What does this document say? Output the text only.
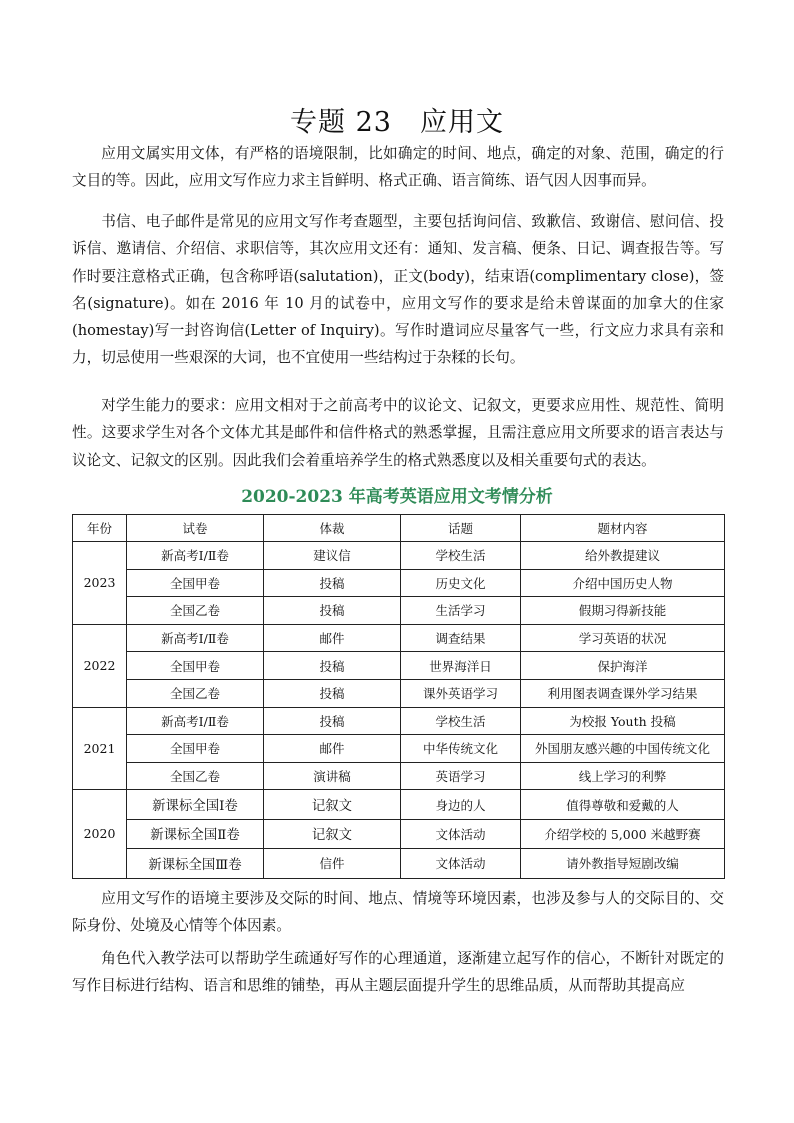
专题 23　应用文

应用文属实用文体，有严格的语境限制，比如确定的时间、地点，确定的对象、范围，确定的行文目的等。因此，应用文写作应力求主旨鲜明、格式正确、语言简练、语气因人因事而异。

书信、电子邮件是常见的应用文写作考查题型，主要包括询问信、致歉信、致谢信、慰问信、投诉信、邀请信、介绍信、求职信等，其次应用文还有：通知、发言稿、便条、日记、调查报告等。写作时要注意格式正确，包含称呼语(salutation)，正文(body)，结束语(complimentary close)，签名(signature)。如在 2016 年 10 月的试卷中，应用文写作的要求是给未曾谋面的加拿大的住家(homestay)写一封咨询信(Letter of Inquiry)。写作时遣词应尽量客气一些，行文应力求具有亲和力，切忌使用一些艰深的大词，也不宜使用一些结构过于杂糅的长句。

对学生能力的要求：应用文相对于之前高考中的议论文、记叙文，更要求应用性、规范性、简明性。这要求学生对各个文体尤其是邮件和信件格式的熟悉掌握，且需注意应用文所要求的语言表达与议论文、记叙文的区别。因此我们会着重培养学生的格式熟悉度以及相关重要句式的表达。

2020-2023 年高考英语应用文考情分析
年份	试卷	体裁	话题	题材内容
2023	新高考Ⅰ/Ⅱ卷	建议信	学校生活	给外教提建议
	全国甲卷	投稿	历史文化	介绍中国历史人物
	全国乙卷	投稿	生活学习	假期习得新技能
2022	新高考Ⅰ/Ⅱ卷	邮件	调查结果	学习英语的状况
	全国甲卷	投稿	世界海洋日	保护海洋
	全国乙卷	投稿	课外英语学习	利用图表调查课外学习结果
2021	新高考Ⅰ/Ⅱ卷	投稿	学校生活	为校报 Youth 投稿
	全国甲卷	邮件	中华传统文化	外国朋友感兴趣的中国传统文化
	全国乙卷	演讲稿	英语学习	线上学习的利弊
2020	新课标全国Ⅰ卷	记叙文	身边的人	值得尊敬和爱戴的人
	新课标全国Ⅱ卷	记叙文	文体活动	介绍学校的 5,000 米越野赛
	新课标全国Ⅲ卷	信件	文体活动	请外教指导短剧改编

应用文写作的语境主要涉及交际的时间、地点、情境等环境因素，也涉及参与人的交际目的、交际身份、处境及心情等个体因素。

角色代入教学法可以帮助学生疏通好写作的心理通道，逐渐建立起写作的信心，不断针对既定的写作目标进行结构、语言和思维的铺垫，再从主题层面提升学生的思维品质，从而帮助其提高应
